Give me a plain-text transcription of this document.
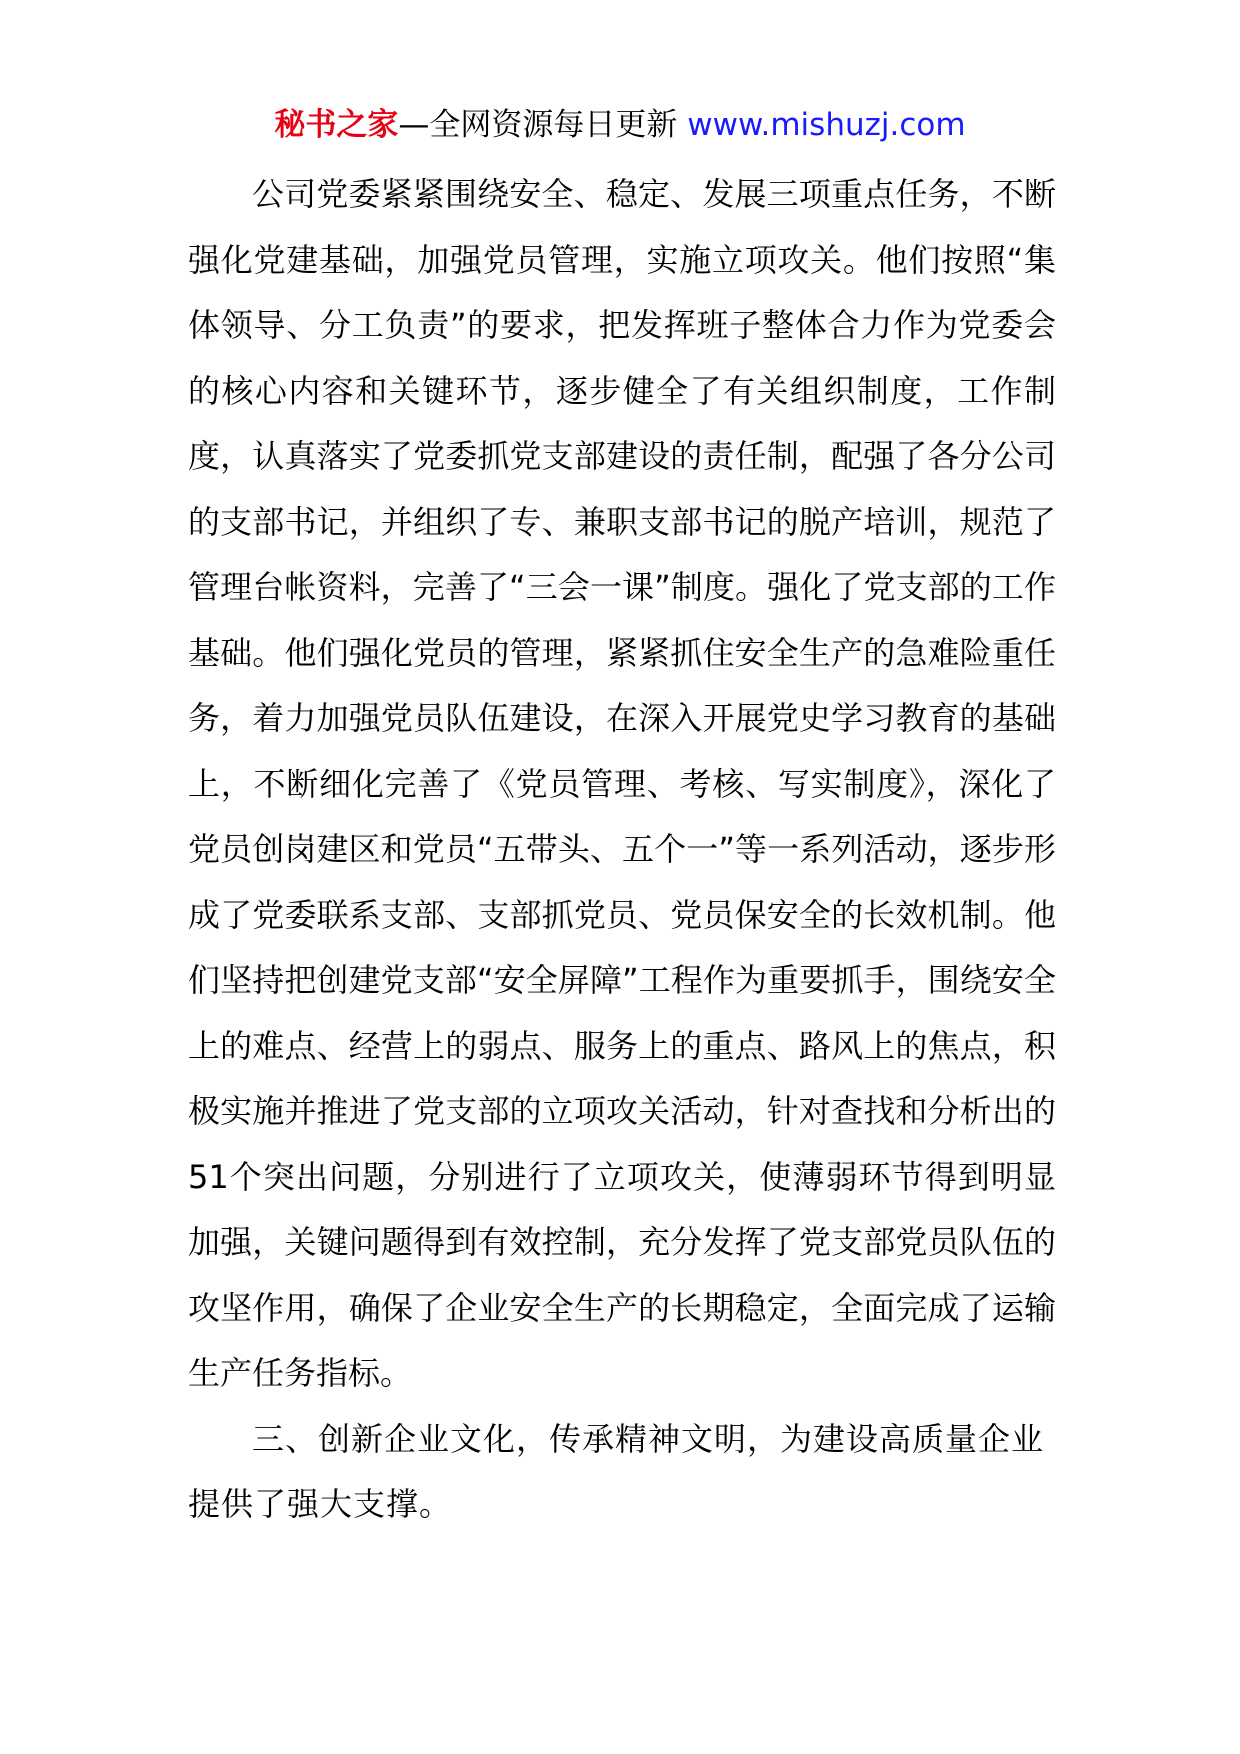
秘书之家—全网资源每日更新 www.mishuzj.com

公司党委紧紧围绕安全、稳定、发展三项重点任务，不断强化党建基础，加强党员管理，实施立项攻关。他们按照“集体领导、分工负责”的要求，把发挥班子整体合力作为党委会的核心内容和关键环节，逐步健全了有关组织制度，工作制度，认真落实了党委抓党支部建设的责任制，配强了各分公司的支部书记，并组织了专、兼职支部书记的脱产培训，规范了管理台帐资料，完善了“三会一课”制度。强化了党支部的工作基础。他们强化党员的管理，紧紧抓住安全生产的急难险重任务，着力加强党员队伍建设，在深入开展党史学习教育的基础上，不断细化完善了《党员管理、考核、写实制度》，深化了党员创岗建区和党员“五带头、五个一”等一系列活动，逐步形成了党委联系支部、支部抓党员、党员保安全的长效机制。他们坚持把创建党支部“安全屏障”工程作为重要抓手，围绕安全上的难点、经营上的弱点、服务上的重点、路风上的焦点，积极实施并推进了党支部的立项攻关活动，针对查找和分析出的51个突出问题，分别进行了立项攻关，使薄弱环节得到明显加强，关键问题得到有效控制，充分发挥了党支部党员队伍的攻坚作用，确保了企业安全生产的长期稳定，全面完成了运输生产任务指标。

三、创新企业文化，传承精神文明，为建设高质量企业提供了强大支撑。
